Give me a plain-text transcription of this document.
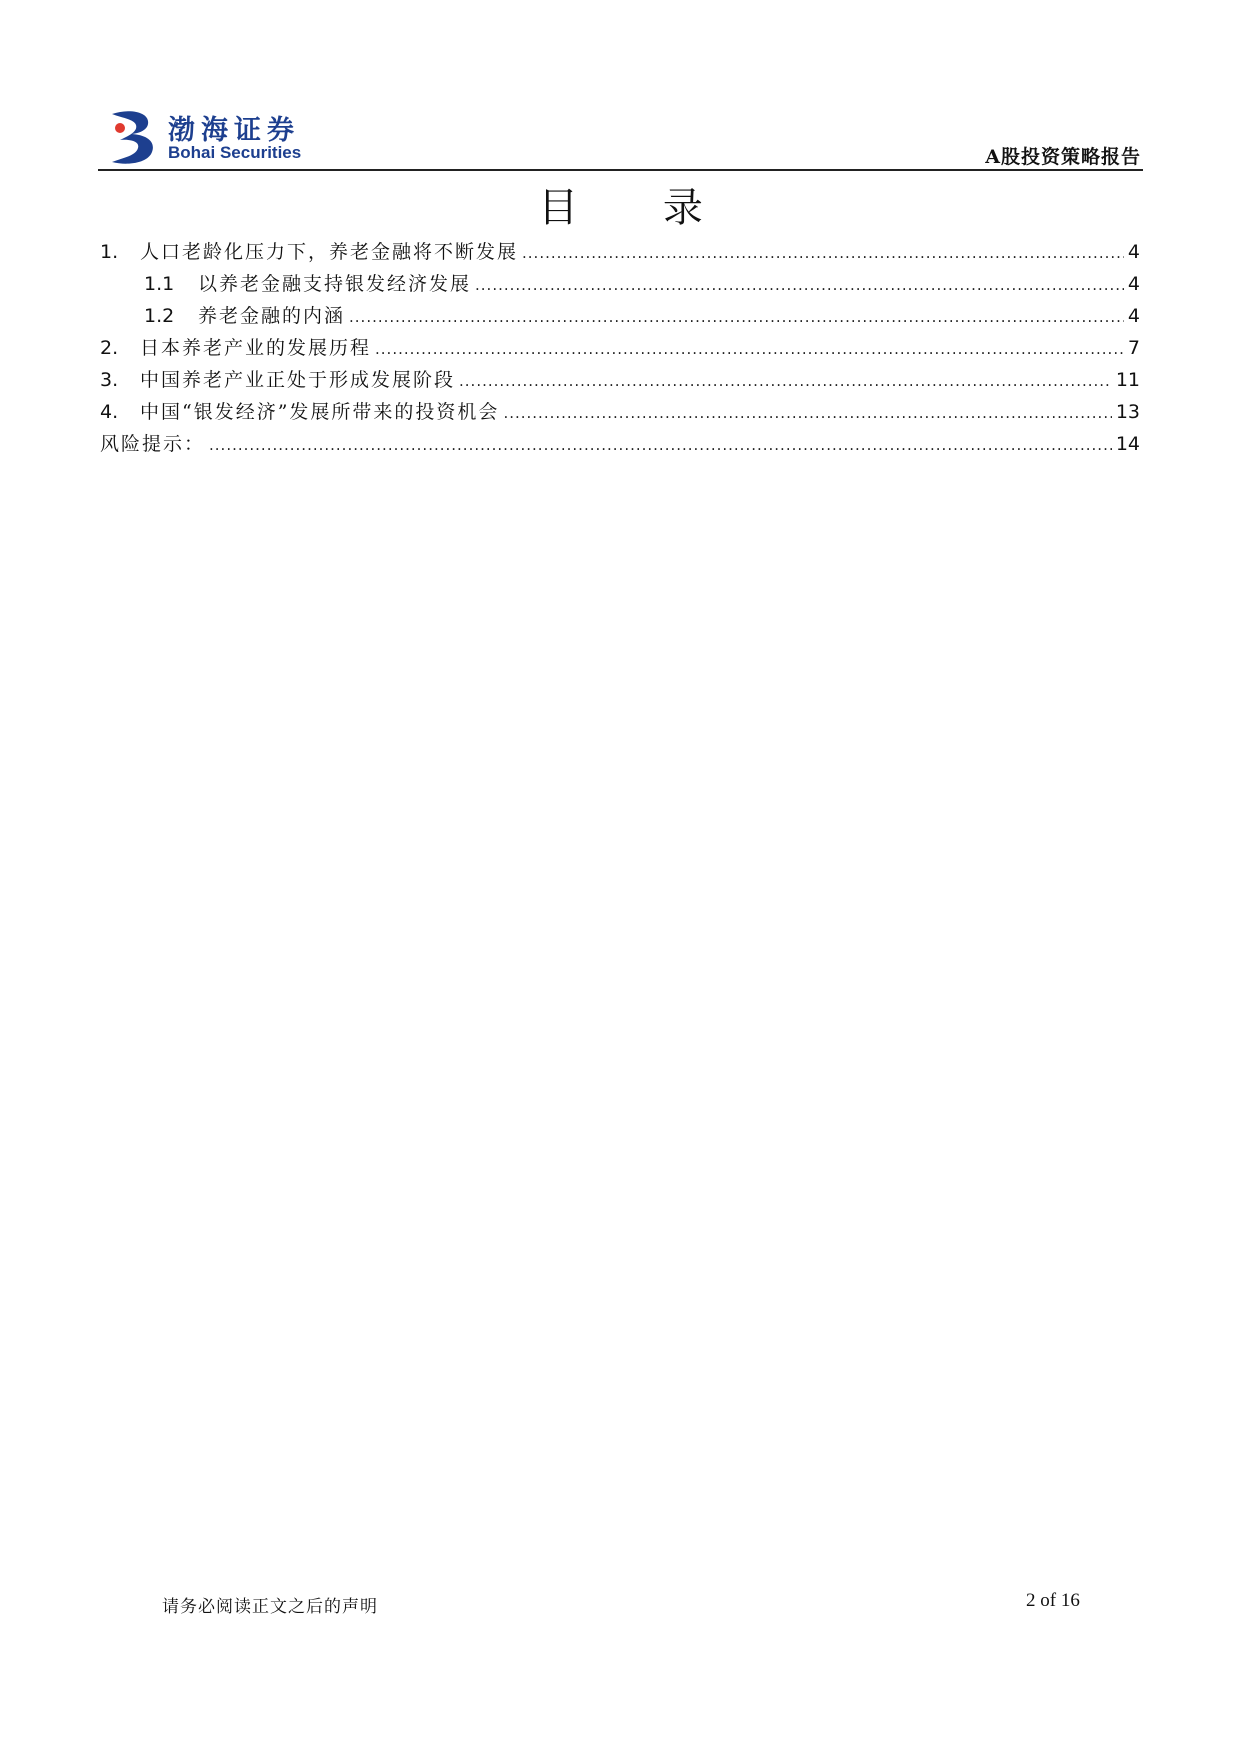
渤海证券
Bohai Securities	A股投资策略报告
目 录
1.	人口老龄化压力下，养老金融将不断发展 .....	4
1.1	以养老金融支持银发经济发展 .....	4
1.2	养老金融的内涵 .....	4
2.	日本养老产业的发展历程 .....	7
3.	中国养老产业正处于形成发展阶段 .....	11
4.	中国“银发经济”发展所带来的投资机会 .....	13
风险提示： .....	14
请务必阅读正文之后的声明	2 of 16
